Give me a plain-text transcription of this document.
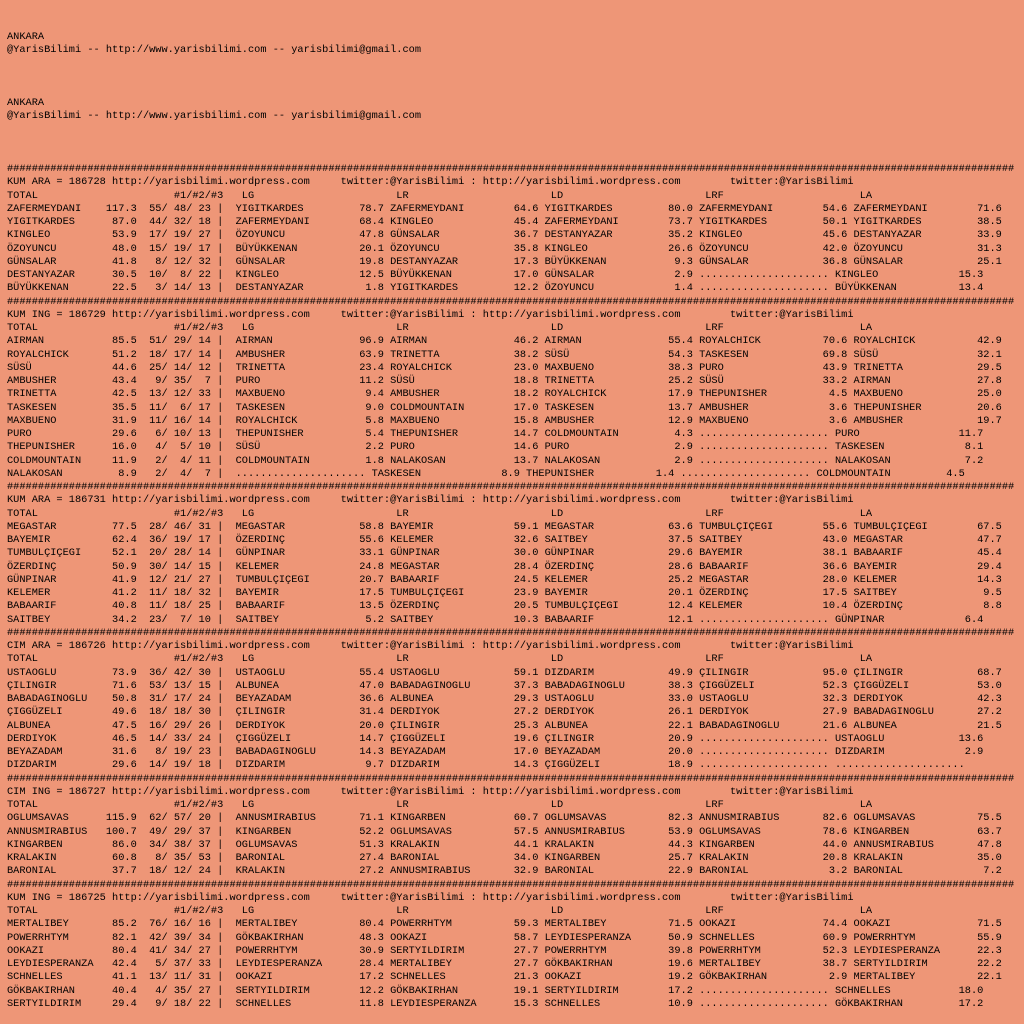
ANKARA
@YarisBilimi -- http://www.yarisbilimi.com -- yarisbilimi@gmail.com
ANKARA
@YarisBilimi -- http://www.yarisbilimi.com -- yarisbilimi@gmail.com

###################################################################################################################################################################
KUM ARA = 186728 http://yarisbilimi.wordpress.com     twitter:@YarisBilimi : http://yarisbilimi.wordpress.com        twitter:@YarisBilimi
TOTAL                      #1/#2/#3   LG                       LR                       LD                       LRF                      LA
ZAFERMEYDANI    117.3  55/ 48/ 23 |  YIGITKARDES         78.7 ZAFERMEYDANI        64.6 YIGITKARDES         80.0 ZAFERMEYDANI        54.6 ZAFERMEYDANI        71.6
YIGITKARDES      87.0  44/ 32/ 18 |  ZAFERMEYDANI        68.4 KINGLEO             45.4 ZAFERMEYDANI        73.7 YIGITKARDES         50.1 YIGITKARDES         38.5
KINGLEO          53.9  17/ 19/ 27 |  ÖZOYUNCU            47.8 GÜNSALAR            36.7 DESTANYAZAR         35.2 KINGLEO             45.6 DESTANYAZAR         33.9
ÖZOYUNCU         48.0  15/ 19/ 17 |  BÜYÜKKENAN          20.1 ÖZOYUNCU            35.8 KINGLEO             26.6 ÖZOYUNCU            42.0 ÖZOYUNCU            31.3
GÜNSALAR         41.8   8/ 12/ 32 |  GÜNSALAR            19.8 DESTANYAZAR         17.3 BÜYÜKKENAN           9.3 GÜNSALAR            36.8 GÜNSALAR            25.1
DESTANYAZAR      30.5  10/  8/ 22 |  KINGLEO             12.5 BÜYÜKKENAN          17.0 GÜNSALAR             2.9 ..................... KINGLEO             15.3
BÜYÜKKENAN       22.5   3/ 14/ 13 |  DESTANYAZAR          1.8 YIGITKARDES         12.2 ÖZOYUNCU             1.4 ..................... BÜYÜKKENAN          13.4
###################################################################################################################################################################
KUM ING = 186729 http://yarisbilimi.wordpress.com     twitter:@YarisBilimi : http://yarisbilimi.wordpress.com        twitter:@YarisBilimi
TOTAL                      #1/#2/#3   LG                       LR                       LD                       LRF                      LA
AIRMAN           85.5  51/ 29/ 14 |  AIRMAN              96.9 AIRMAN              46.2 AIRMAN              55.4 ROYALCHICK          70.6 ROYALCHICK          42.9
ROYALCHICK       51.2  18/ 17/ 14 |  AMBUSHER            63.9 TRINETTA            38.2 SÜSÜ                54.3 TASKESEN            69.8 SÜSÜ                32.1
SÜSÜ             44.6  25/ 14/ 12 |  TRINETTA            23.4 ROYALCHICK          23.0 MAXBUENO            38.3 PURO                43.9 TRINETTA            29.5
AMBUSHER         43.4   9/ 35/  7 |  PURO                11.2 SÜSÜ                18.8 TRINETTA            25.2 SÜSÜ                33.2 AIRMAN              27.8
TRINETTA         42.5  13/ 12/ 33 |  MAXBUENO             9.4 AMBUSHER            18.2 ROYALCHICK          17.9 THEPUNISHER          4.5 MAXBUENO            25.0
TASKESEN         35.5  11/  6/ 17 |  TASKESEN             9.0 COLDMOUNTAIN        17.0 TASKESEN            13.7 AMBUSHER             3.6 THEPUNISHER         20.6
MAXBUENO         31.9  11/ 16/ 14 |  ROYALCHICK           5.8 MAXBUENO            15.8 AMBUSHER            12.9 MAXBUENO             3.6 AMBUSHER            19.7
PURO             29.6   6/ 10/ 13 |  THEPUNISHER          5.4 THEPUNISHER         14.7 COLDMOUNTAIN         4.3 ..................... PURO                11.7
THEPUNISHER      16.0   4/  5/ 10 |  SÜSÜ                 2.2 PURO                14.6 PURO                 2.9 ..................... TASKESEN             8.1
COLDMOUNTAIN     11.9   2/  4/ 11 |  COLDMOUNTAIN         1.8 NALAKOSAN           13.7 NALAKOSAN            2.9 ..................... NALAKOSAN            7.2
NALAKOSAN         8.9   2/  4/  7 |  ..................... TASKESEN             8.9 THEPUNISHER          1.4 ..................... COLDMOUNTAIN         4.5
###################################################################################################################################################################
KUM ARA = 186731 http://yarisbilimi.wordpress.com     twitter:@YarisBilimi : http://yarisbilimi.wordpress.com        twitter:@YarisBilimi
TOTAL                      #1/#2/#3   LG                       LR                       LD                       LRF                      LA
MEGASTAR         77.5  28/ 46/ 31 |  MEGASTAR            58.8 BAYEMIR             59.1 MEGASTAR            63.6 TUMBULÇIÇEGI        55.6 TUMBULÇIÇEGI        67.5
BAYEMIR          62.4  36/ 19/ 17 |  ÖZERDINÇ            55.6 KELEMER             32.6 SAITBEY             37.5 SAITBEY             43.0 MEGASTAR            47.7
TUMBULÇIÇEGI     52.1  20/ 28/ 14 |  GÜNPINAR            33.1 GÜNPINAR            30.0 GÜNPINAR            29.6 BAYEMIR             38.1 BABAARIF            45.4
ÖZERDINÇ         50.9  30/ 14/ 15 |  KELEMER             24.8 MEGASTAR            28.4 ÖZERDINÇ            28.6 BABAARIF            36.6 BAYEMIR             29.4
GÜNPINAR         41.9  12/ 21/ 27 |  TUMBULÇIÇEGI        20.7 BABAARIF            24.5 KELEMER             25.2 MEGASTAR            28.0 KELEMER             14.3
KELEMER          41.2  11/ 18/ 32 |  BAYEMIR             17.5 TUMBULÇIÇEGI        23.9 BAYEMIR             20.1 ÖZERDINÇ            17.5 SAITBEY              9.5
BABAARIF         40.8  11/ 18/ 25 |  BABAARIF            13.5 ÖZERDINÇ            20.5 TUMBULÇIÇEGI        12.4 KELEMER             10.4 ÖZERDINÇ             8.8
SAITBEY          34.2  23/  7/ 10 |  SAITBEY              5.2 SAITBEY             10.3 BABAARIF            12.1 ..................... GÜNPINAR             6.4
###################################################################################################################################################################
CIM ARA = 186726 http://yarisbilimi.wordpress.com     twitter:@YarisBilimi : http://yarisbilimi.wordpress.com        twitter:@YarisBilimi
TOTAL                      #1/#2/#3   LG                       LR                       LD                       LRF                      LA
USTAOGLU         73.9  36/ 42/ 30 |  USTAOGLU            55.4 USTAOGLU            59.1 DIZDARIM            49.9 ÇILINGIR            95.0 ÇILINGIR            68.7
ÇILINGIR         71.6  53/ 13/ 15 |  ALBUNEA             47.0 BABADAGINOGLU       37.3 BABADAGINOGLU       38.3 ÇIGGÜZELI           52.3 ÇIGGÜZELI           53.0
BABADAGINOGLU    50.8  31/ 17/ 24 |  BEYAZADAM           36.6 ALBUNEA             29.3 USTAOGLU            33.0 USTAOGLU            32.3 DERDIYOK            42.3
ÇIGGÜZELI        49.6  18/ 18/ 30 |  ÇILINGIR            31.4 DERDIYOK            27.2 DERDIYOK            26.1 DERDIYOK            27.9 BABADAGINOGLU       27.2
ALBUNEA          47.5  16/ 29/ 26 |  DERDIYOK            20.0 ÇILINGIR            25.3 ALBUNEA             22.1 BABADAGINOGLU       21.6 ALBUNEA             21.5
DERDIYOK         46.5  14/ 33/ 24 |  ÇIGGÜZELI           14.7 ÇIGGÜZELI           19.6 ÇILINGIR            20.9 ..................... USTAOGLU            13.6
BEYAZADAM        31.6   8/ 19/ 23 |  BABADAGINOGLU       14.3 BEYAZADAM           17.0 BEYAZADAM           20.0 ..................... DIZDARIM             2.9
DIZDARIM         29.6  14/ 19/ 18 |  DIZDARIM             9.7 DIZDARIM            14.3 ÇIGGÜZELI           18.9 ..................... .....................
###################################################################################################################################################################
CIM ING = 186727 http://yarisbilimi.wordpress.com     twitter:@YarisBilimi : http://yarisbilimi.wordpress.com        twitter:@YarisBilimi
TOTAL                      #1/#2/#3   LG                       LR                       LD                       LRF                      LA
OGLUMSAVAS      115.9  62/ 57/ 20 |  ANNUSMIRABIUS       71.1 KINGARBEN           60.7 OGLUMSAVAS          82.3 ANNUSMIRABIUS       82.6 OGLUMSAVAS          75.5
ANNUSMIRABIUS   100.7  49/ 29/ 37 |  KINGARBEN           52.2 OGLUMSAVAS          57.5 ANNUSMIRABIUS       53.9 OGLUMSAVAS          78.6 KINGARBEN           63.7
KINGARBEN        86.0  34/ 38/ 37 |  OGLUMSAVAS          51.3 KRALAKIN            44.1 KRALAKIN            44.3 KINGARBEN           44.0 ANNUSMIRABIUS       47.8
KRALAKIN         60.8   8/ 35/ 53 |  BARONIAL            27.4 BARONIAL            34.0 KINGARBEN           25.7 KRALAKIN            20.8 KRALAKIN            35.0
BARONIAL         37.7  18/ 12/ 24 |  KRALAKIN            27.2 ANNUSMIRABIUS       32.9 BARONIAL            22.9 BARONIAL             3.2 BARONIAL             7.2
###################################################################################################################################################################
KUM ING = 186725 http://yarisbilimi.wordpress.com     twitter:@YarisBilimi : http://yarisbilimi.wordpress.com        twitter:@YarisBilimi
TOTAL                      #1/#2/#3   LG                       LR                       LD                       LRF                      LA
MERTALIBEY       85.2  76/ 16/ 16 |  MERTALIBEY          80.4 POWERRHTYM          59.3 MERTALIBEY          71.5 OOKAZI              74.4 OOKAZI              71.5
POWERRHTYM       82.1  42/ 39/ 34 |  GÖKBAKIRHAN         48.3 OOKAZI              58.7 LEYDIESPERANZA      50.9 SCHNELLES           60.9 POWERRHTYM          55.9
OOKAZI           80.4  41/ 34/ 27 |  POWERRHTYM          30.9 SERTYILDIRIM        27.7 POWERRHTYM          39.8 POWERRHTYM          52.3 LEYDIESPERANZA      22.3
LEYDIESPERANZA   42.4   5/ 37/ 33 |  LEYDIESPERANZA      28.4 MERTALIBEY          27.7 GÖKBAKIRHAN         19.6 MERTALIBEY          38.7 SERTYILDIRIM        22.2
SCHNELLES        41.1  13/ 11/ 31 |  OOKAZI              17.2 SCHNELLES           21.3 OOKAZI              19.2 GÖKBAKIRHAN          2.9 MERTALIBEY          22.1
GÖKBAKIRHAN      40.4   4/ 35/ 27 |  SERTYILDIRIM        12.2 GÖKBAKIRHAN         19.1 SERTYILDIRIM        17.2 ..................... SCHNELLES           18.0
SERTYILDIRIM     29.4   9/ 18/ 22 |  SCHNELLES           11.8 LEYDIESPERANZA      15.3 SCHNELLES           10.9 ..................... GÖKBAKIRHAN         17.2
